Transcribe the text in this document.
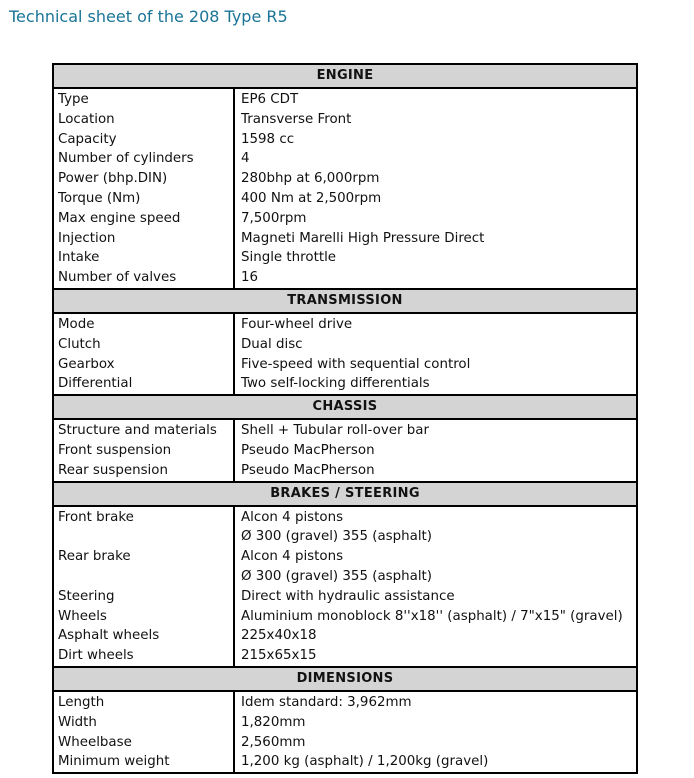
Technical sheet of the 208 Type R5
ENGINE
Type	EP6 CDT
Location	Transverse Front
Capacity	1598 cc
Number of cylinders	4
Power (bhp.DIN)	280bhp at 6,000rpm
Torque (Nm)	400 Nm at 2,500rpm
Max engine speed	7,500rpm
Injection	Magneti Marelli High Pressure Direct
Intake	Single throttle
Number of valves	16
TRANSMISSION
Mode	Four-wheel drive
Clutch	Dual disc
Gearbox	Five-speed with sequential control
Differential	Two self-locking differentials
CHASSIS
Structure and materials	Shell + Tubular roll-over bar
Front suspension	Pseudo MacPherson
Rear suspension	Pseudo MacPherson
BRAKES / STEERING
Front brake	Alcon 4 pistons
Ø 300 (gravel) 355 (asphalt)
Rear brake	Alcon 4 pistons
Ø 300 (gravel) 355 (asphalt)
Steering	Direct with hydraulic assistance
Wheels	Aluminium monoblock 8''x18'' (asphalt) / 7"x15" (gravel)
Asphalt wheels	225x40x18
Dirt wheels	215x65x15
DIMENSIONS
Length	Idem standard: 3,962mm
Width	1,820mm
Wheelbase	2,560mm
Minimum weight	1,200 kg (asphalt) / 1,200kg (gravel)
